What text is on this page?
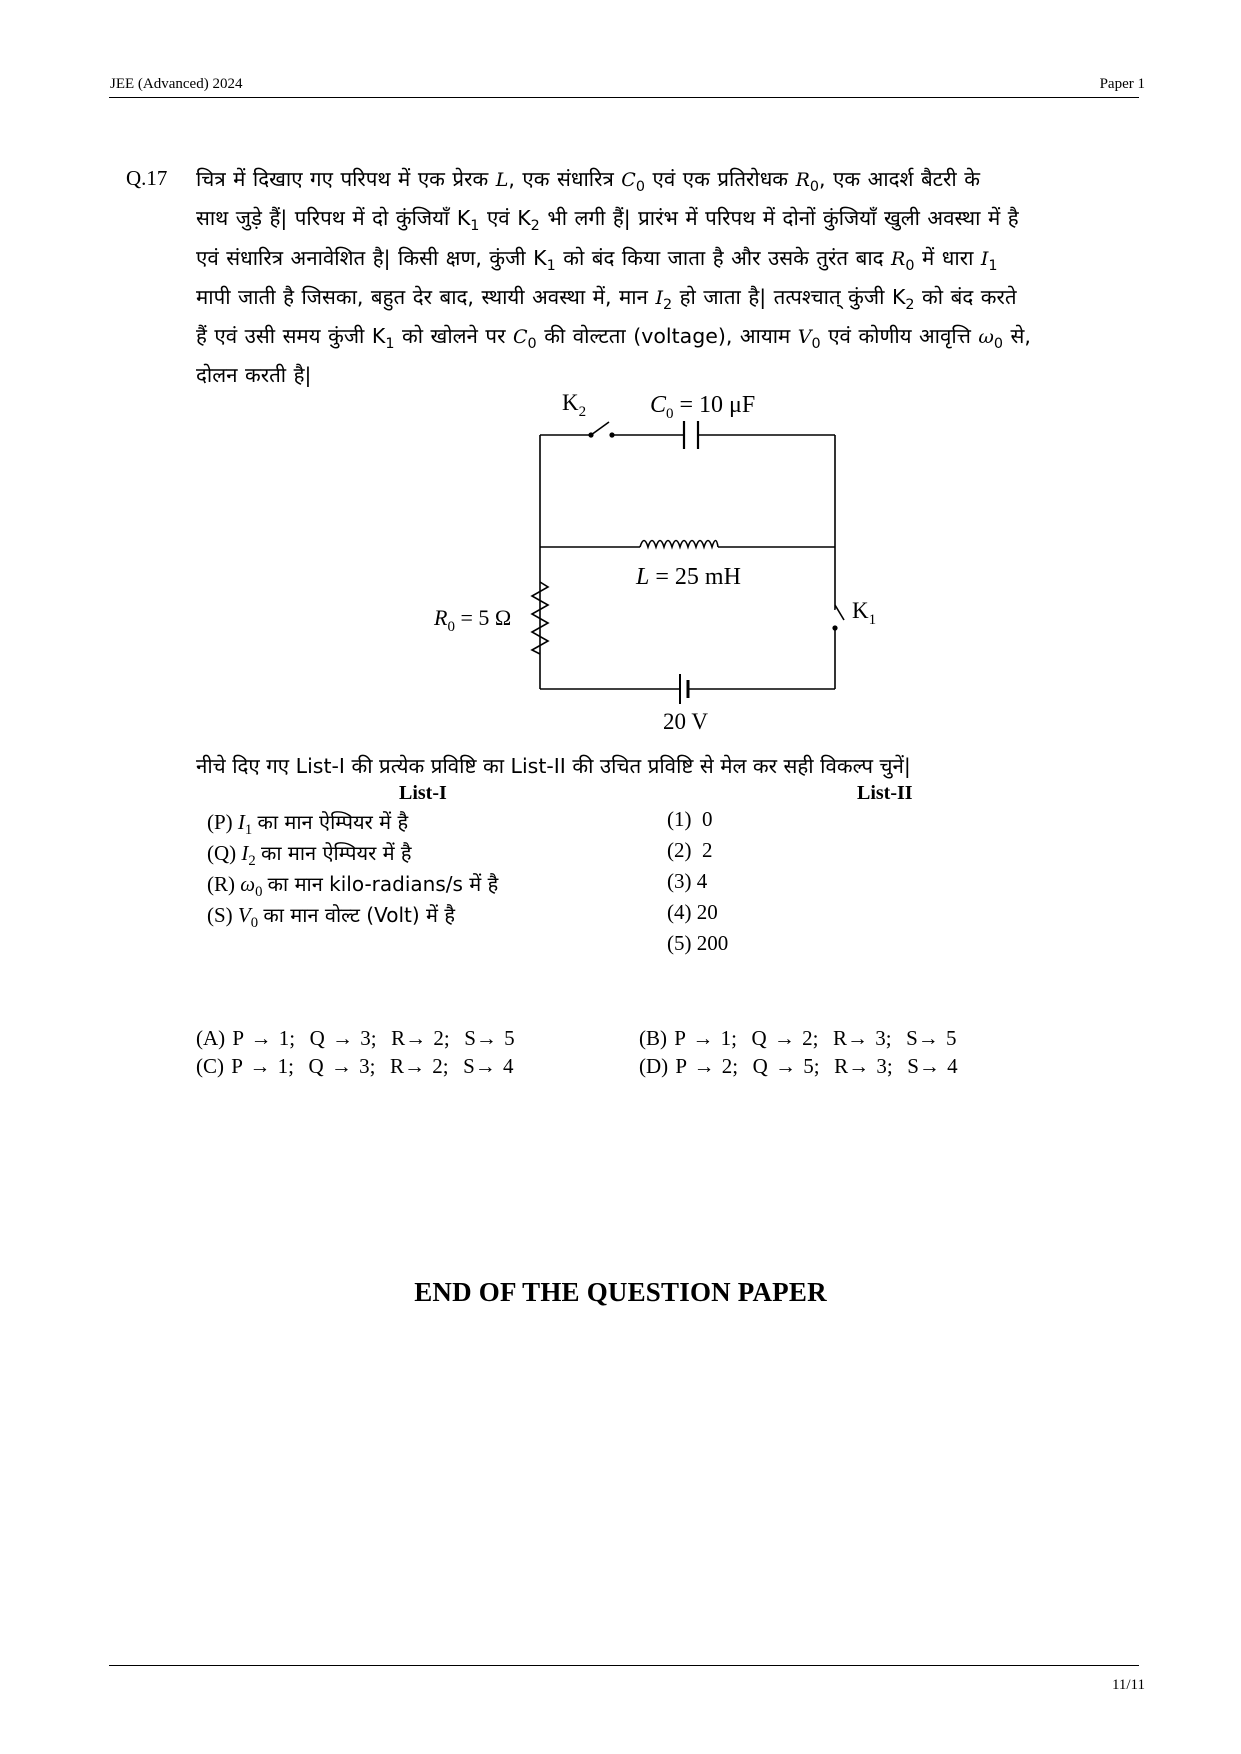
JEE (Advanced) 2024	Paper 1
Q.17 चित्र में दिखाए गए परिपथ में एक प्रेरक L, एक संधारित्र $C_0$ एवं एक प्रतिरोधक $R_0$, एक आदर्श बैटरी के
साथ जुड़े हैं| परिपथ में दो कुंजियाँ $K_1$ एवं $K_2$ भी लगी हैं| प्रारंभ में परिपथ में दोनों कुंजियाँ खुली अवस्था में है
एवं संधारित्र अनावेशित है| किसी क्षण, कुंजी $K_1$ को बंद किया जाता है और उसके तुरंत बाद $R_0$ में धारा $I_1$
मापी जाती है जिसका, बहुत देर बाद, स्थायी अवस्था में, मान $I_2$ हो जाता है| तत्पश्चात् कुंजी $K_2$ को बंद करते
हैं एवं उसी समय कुंजी $K_1$ को खोलने पर $C_0$ की वोल्टता (voltage), आयाम $V_0$ एवं कोणीय आवृत्ति $\omega_0$ से,
दोलन करती है|
$K_2$	$C_0 = 10$ μF
L = 25 mH
$R_0 = 5$ Ω	$K_1$
20 V
नीचे दिए गए List-I की प्रत्येक प्रविष्टि का List-II की उचित प्रविष्टि से मेल कर सही विकल्प चुनें|
List-I	List-II
(P) $I_1$ का मान ऐम्पियर में है
(Q) $I_2$ का मान ऐम्पियर में है
(R) $\omega_0$ का मान kilo-radians/s में है
(S) $V_0$ का मान वोल्ट (Volt) में है
(1)  0
(2)  2
(3) 4
(4) 20
(5) 200
(A) P → 1;  Q → 3;  R→ 2;  S→ 5	(B) P → 1;  Q → 2;  R→ 3;  S→ 5
(C) P → 1;  Q → 3;  R→ 2;  S→ 4	(D) P → 2;  Q → 5;  R→ 3;  S→ 4
END OF THE QUESTION PAPER
11/11
